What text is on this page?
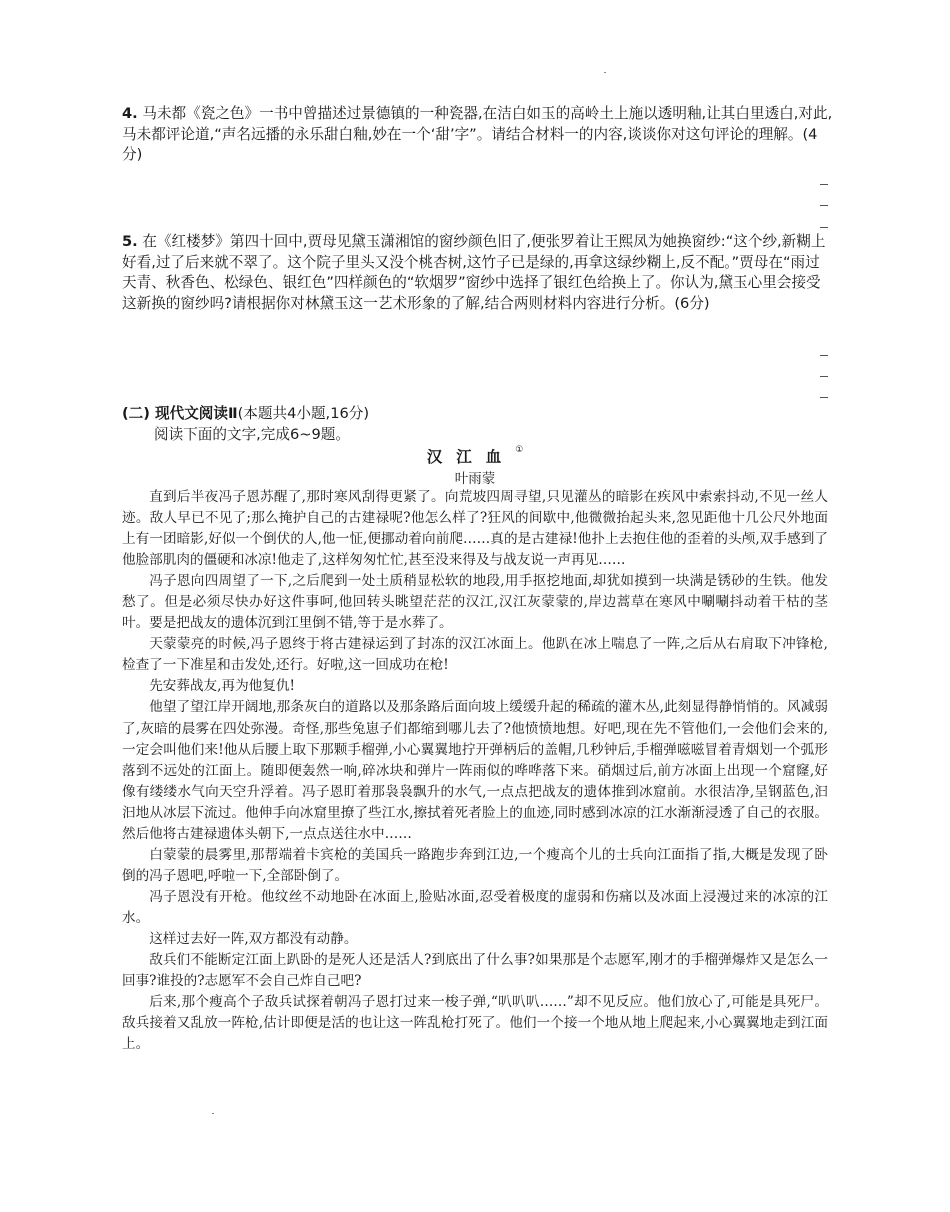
4. 马未都《瓷之色》一书中曾描述过景德镇的一种瓷器,在洁白如玉的高岭土上施以透明釉,让其白里透白,对此,马未都评论道,“声名远播的永乐甜白釉,妙在一个‘甜’字”。请结合材料一的内容,谈谈你对这句评论的理解。(4分)

5. 在《红楼梦》第四十回中,贾母见黛玉潇湘馆的窗纱颜色旧了,便张罗着让王熙凤为她换窗纱:“这个纱,新糊上好看,过了后来就不翠了。这个院子里头又没个桃杏树,这竹子已是绿的,再拿这绿纱糊上,反不配。”贾母在“雨过天青、秋香色、松绿色、银红色”四样颜色的“软烟罗”窗纱中选择了银红色给换上了。你认为,黛玉心里会接受这新换的窗纱吗?请根据你对林黛玉这一艺术形象的了解,结合两则材料内容进行分析。(6分)

(二) 现代文阅读Ⅱ(本题共4小题,16分)

阅读下面的文字,完成6~9题。

汉江血①

叶雨蒙

直到后半夜冯子恩苏醒了,那时寒风刮得更紧了。向荒坡四周寻望,只见灌丛的暗影在疾风中索索抖动,不见一丝人迹。敌人早已不见了;那么掩护自己的古建禄呢?他怎么样了?狂风的间歇中,他微微抬起头来,忽见距他十几公尺外地面上有一团暗影,好似一个倒伏的人,他一怔,便挪动着向前爬……真的是古建禄!他扑上去抱住他的歪着的头颅,双手感到了他脸部肌肉的僵硬和冰凉!他走了,这样匆匆忙忙,甚至没来得及与战友说一声再见……

冯子恩向四周望了一下,之后爬到一处土质稍显松软的地段,用手抠挖地面,却犹如摸到一块满是锈砂的生铁。他发愁了。但是必须尽快办好这件事呵,他回转头眺望茫茫的汉江,汉江灰蒙蒙的,岸边蒿草在寒风中唰唰抖动着干枯的茎叶。要是把战友的遗体沉到江里倒不错,等于是水葬了。

天蒙蒙亮的时候,冯子恩终于将古建禄运到了封冻的汉江冰面上。他趴在冰上喘息了一阵,之后从右肩取下冲锋枪,检查了一下准星和击发处,还行。好啦,这一回成功在枪!

先安葬战友,再为他复仇!

他望了望江岸开阔地,那条灰白的道路以及那条路后面向坡上缓缓升起的稀疏的灌木丛,此刻显得静悄悄的。风减弱了,灰暗的晨雾在四处弥漫。奇怪,那些兔崽子们都缩到哪儿去了?他愤愤地想。好吧,现在先不管他们,一会他们会来的,一定会叫他们来!他从后腰上取下那颗手榴弹,小心翼翼地拧开弹柄后的盖帽,几秒钟后,手榴弹嗞嗞冒着青烟划一个弧形落到不远处的江面上。随即便轰然一响,碎冰块和弹片一阵雨似的哗哗落下来。硝烟过后,前方冰面上出现一个窟窿,好像有缕缕水气向天空升浮着。冯子恩盯着那袅袅飘升的水气,一点点把战友的遗体推到冰窟前。水很洁净,呈钢蓝色,汩汩地从冰层下流过。他伸手向冰窟里撩了些江水,擦拭着死者脸上的血迹,同时感到冰凉的江水渐渐浸透了自己的衣服。然后他将古建禄遗体头朝下,一点点送往水中……

白蒙蒙的晨雾里,那帮端着卡宾枪的美国兵一路跑步奔到江边,一个瘦高个儿的士兵向江面指了指,大概是发现了卧倒的冯子恩吧,呼啦一下,全部卧倒了。

冯子恩没有开枪。他纹丝不动地卧在冰面上,脸贴冰面,忍受着极度的虚弱和伤痛以及冰面上浸漫过来的冰凉的江水。

这样过去好一阵,双方都没有动静。

敌兵们不能断定江面上趴卧的是死人还是活人?到底出了什么事?如果那是个志愿军,刚才的手榴弹爆炸又是怎么一回事?谁投的?志愿军不会自己炸自己吧?

后来,那个瘦高个子敌兵试探着朝冯子恩打过来一梭子弹,“叭叭叭……”却不见反应。他们放心了,可能是具死尸。敌兵接着又乱放一阵枪,估计即便是活的也让这一阵乱枪打死了。他们一个接一个地从地上爬起来,小心翼翼地走到江面上。
